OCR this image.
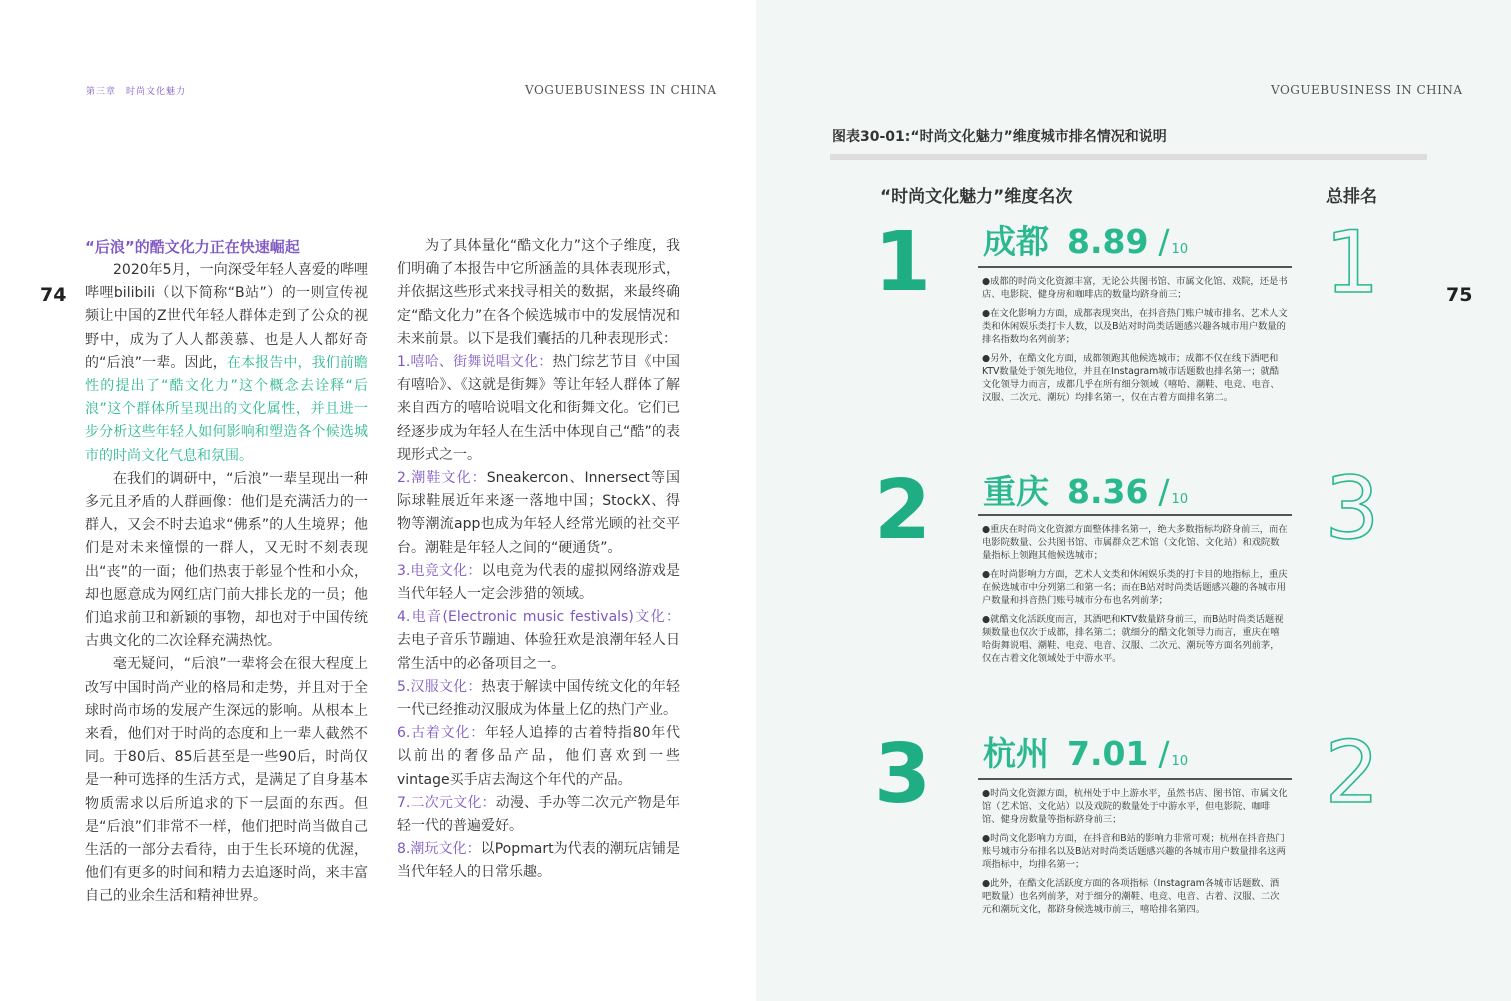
第三章　时尚文化魅力	VOGUEBUSINESS IN CHINA
74

“后浪”的酷文化力正在快速崛起

2020年5月，一向深受年轻人喜爱的哔哩哔哩bilibili（以下简称“B站”）的一则宣传视频让中国的Z世代年轻人群体走到了公众的视野中，成为了人人都羡慕、也是人人都好奇的“后浪”一辈。因此，在本报告中，我们前瞻性的提出了“酷文化力”这个概念去诠释“后浪”这个群体所呈现出的文化属性，并且进一步分析这些年轻人如何影响和塑造各个候选城市的时尚文化气息和氛围。

在我们的调研中，“后浪”一辈呈现出一种多元且矛盾的人群画像：他们是充满活力的一群人，又会不时去追求“佛系”的人生境界；他们是对未来憧憬的一群人，又无时不刻表现出“丧”的一面；他们热衷于彰显个性和小众，却也愿意成为网红店门前大排长龙的一员；他们追求前卫和新颖的事物，却也对于中国传统古典文化的二次诠释充满热忱。

毫无疑问，“后浪”一辈将会在很大程度上改写中国时尚产业的格局和走势，并且对于全球时尚市场的发展产生深远的影响。从根本上来看，他们对于时尚的态度和上一辈人截然不同。于80后、85后甚至是一些90后，时尚仅是一种可选择的生活方式，是满足了自身基本物质需求以后所追求的下一层面的东西。但是“后浪”们非常不一样，他们把时尚当做自己生活的一部分去看待，由于生长环境的优渥，他们有更多的时间和精力去追逐时尚，来丰富自己的业余生活和精神世界。

为了具体量化“酷文化力”这个子维度，我们明确了本报告中它所涵盖的具体表现形式，并依据这些形式来找寻相关的数据，来最终确定“酷文化力”在各个候选城市中的发展情况和未来前景。以下是我们囊括的几种表现形式：

1.嘻哈、街舞说唱文化：热门综艺节目《中国有嘻哈》、《这就是街舞》等让年轻人群体了解来自西方的嘻哈说唱文化和街舞文化。它们已经逐步成为年轻人在生活中体现自己“酷”的表现形式之一。

2.潮鞋文化：Sneakercon、Innersect等国际球鞋展近年来逐一落地中国；StockX、得物等潮流app也成为年轻人经常光顾的社交平台。潮鞋是年轻人之间的“硬通货”。

3.电竞文化：以电竞为代表的虚拟网络游戏是当代年轻人一定会涉猎的领域。

4.电音(Electronic music festivals)文化：去电子音乐节蹦迪、体验狂欢是浪潮年轻人日常生活中的必备项目之一。

5.汉服文化：热衷于解读中国传统文化的年轻一代已经推动汉服成为体量上亿的热门产业。

6.古着文化：年轻人追捧的古着特指80年代以前出的奢侈品产品，他们喜欢到一些vintage买手店去淘这个年代的产品。

7.二次元文化：动漫、手办等二次元产物是年轻一代的普遍爱好。

8.潮玩文化：以Popmart为代表的潮玩店铺是当代年轻人的日常乐趣。

VOGUEBUSINESS IN CHINA
75
图表30-01:“时尚文化魅力”维度城市排名情况和说明
“时尚文化魅力”维度名次	总排名
1 成都 8.89 / 10
●成都的时尚文化资源丰富，无论公共图书馆、市属文化馆、戏院，还是书店、电影院、健身房和咖啡店的数量均跻身前三；
●在文化影响力方面，成都表现突出，在抖音热门账户城市排名、艺术人文类和休闲娱乐类打卡人数，以及B站对时尚类话题感兴趣各城市用户数量的排名指数均名列前茅；
●另外，在酷文化方面，成都领跑其他候选城市；成都不仅在线下酒吧和KTV数量处于领先地位，并且在Instagram城市话题数也排名第一；就酷文化领导力而言，成都几乎在所有细分领域（嘻哈、潮鞋、电竞、电音、汉服、二次元、潮玩）均排名第一，仅在古着方面排名第二。
1
2 重庆 8.36 / 10
●重庆在时尚文化资源方面整体排名第一，绝大多数指标均跻身前三，而在电影院数量、公共图书馆、市属群众艺术馆（文化馆、文化站）和戏院数量指标上领跑其他候选城市；
●在时尚影响力方面，艺术人文类和休闲娱乐类的打卡目的地指标上，重庆在候选城市中分列第二和第一名；而在B站对时尚类话题感兴趣的各城市用户数量和抖音热门账号城市分布也名列前茅；
●就酷文化活跃度而言，其酒吧和KTV数量跻身前三，而B站时尚类话题视频数量也仅次于成都，排名第二；就细分的酷文化领导力而言，重庆在嘻哈街舞说唱、潮鞋、电竞、电音、汉服、二次元、潮玩等方面名列前茅，仅在古着文化领域处于中游水平。
3
3 杭州 7.01 / 10
●时尚文化资源方面，杭州处于中上游水平，虽然书店、图书馆、市属文化馆（艺术馆、文化站）以及戏院的数量处于中游水平，但电影院、咖啡馆、健身房数量等指标跻身前三；
●时尚文化影响力方面，在抖音和B站的影响力非常可观；杭州在抖音热门账号城市分布排名以及B站对时尚类话题感兴趣的各城市用户数量排名这两项指标中，均排名第一；
●此外，在酷文化活跃度方面的各项指标（Instagram各城市话题数、酒吧数量）也名列前茅，对于细分的潮鞋、电竞、电音、古着、汉服、二次元和潮玩文化，都跻身候选城市前三，嘻哈排名第四。
2
